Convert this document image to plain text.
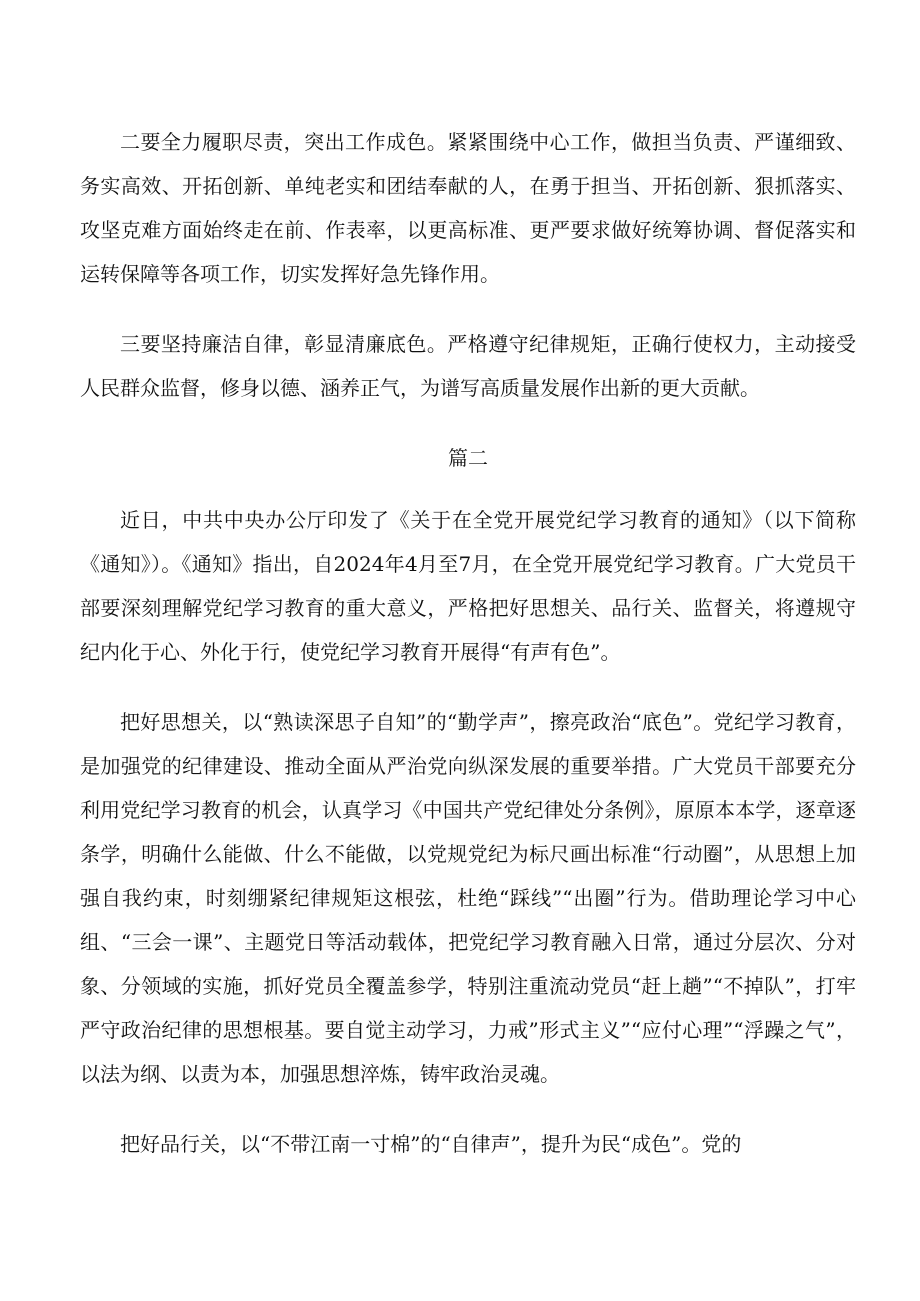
二要全力履职尽责，突出工作成色。紧紧围绕中心工作，做担当负责、严谨细致、务实高效、开拓创新、单纯老实和团结奉献的人，在勇于担当、开拓创新、狠抓落实、攻坚克难方面始终走在前、作表率，以更高标准、更严要求做好统筹协调、督促落实和运转保障等各项工作，切实发挥好急先锋作用。

三要坚持廉洁自律，彰显清廉底色。严格遵守纪律规矩，正确行使权力，主动接受人民群众监督，修身以德、涵养正气，为谱写高质量发展作出新的更大贡献。

篇二

近日，中共中央办公厅印发了《关于在全党开展党纪学习教育的通知》（以下简称《通知》）。《通知》指出，自2024年4月至7月，在全党开展党纪学习教育。广大党员干部要深刻理解党纪学习教育的重大意义，严格把好思想关、品行关、监督关，将遵规守纪内化于心、外化于行，使党纪学习教育开展得“有声有色”。

把好思想关，以“熟读深思子自知”的“勤学声”，擦亮政治“底色”。党纪学习教育，是加强党的纪律建设、推动全面从严治党向纵深发展的重要举措。广大党员干部要充分利用党纪学习教育的机会，认真学习《中国共产党纪律处分条例》，原原本本学，逐章逐条学，明确什么能做、什么不能做，以党规党纪为标尺画出标准“行动圈”，从思想上加强自我约束，时刻绷紧纪律规矩这根弦，杜绝“踩线”“出圈”行为。借助理论学习中心组、“三会一课”、主题党日等活动载体，把党纪学习教育融入日常，通过分层次、分对象、分领域的实施，抓好党员全覆盖参学，特别注重流动党员“赶上趟”“不掉队”，打牢严守政治纪律的思想根基。要自觉主动学习，力戒”形式主义”“应付心理”“浮躁之气”，以法为纲、以责为本，加强思想淬炼，铸牢政治灵魂。

把好品行关，以“不带江南一寸棉”的“自律声”，提升为民“成色”。党的
